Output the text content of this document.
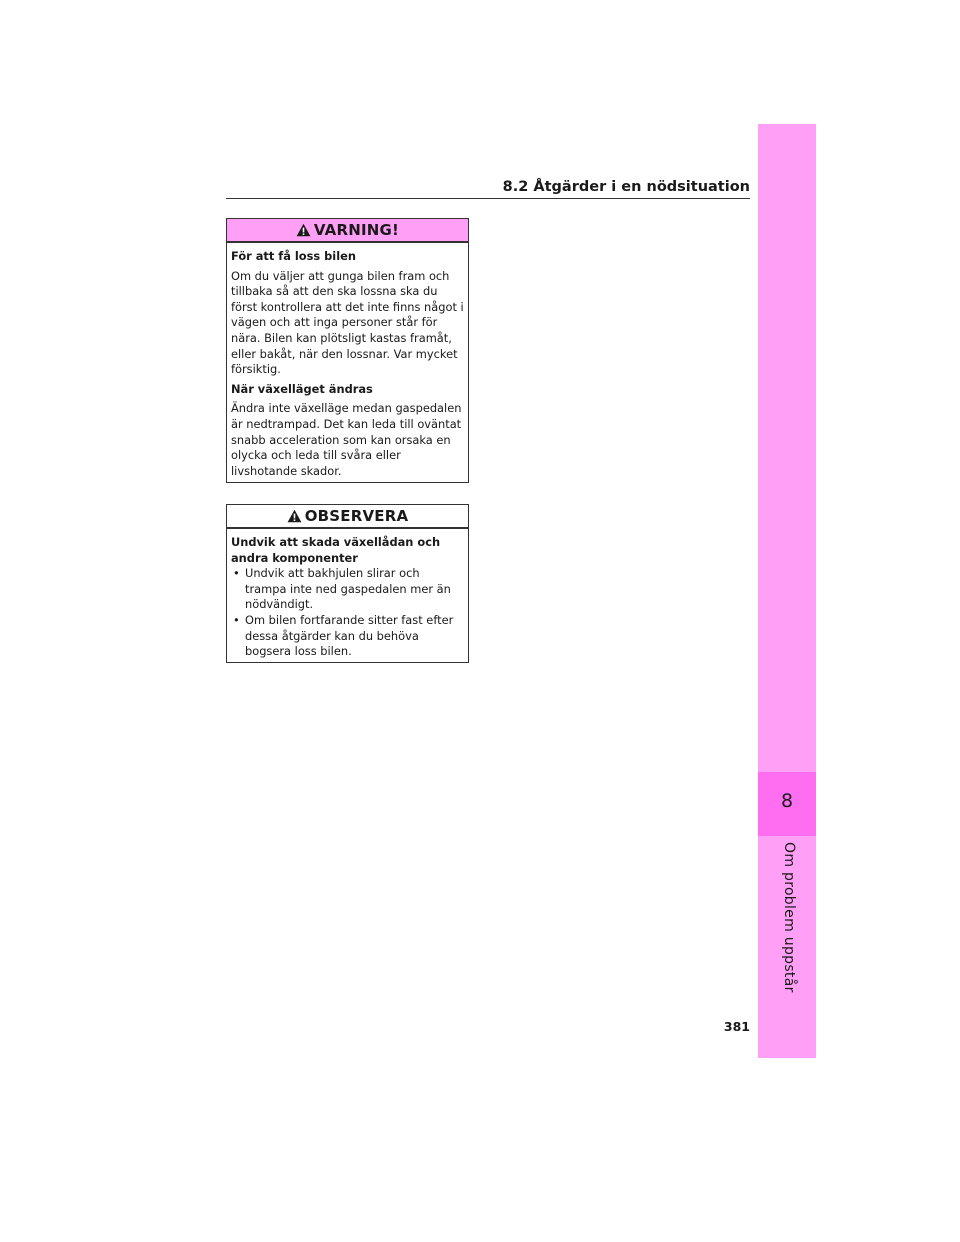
8
Om problem uppstår
8.2 Åtgärder i en nödsituation
VARNING!

För att få loss bilen

Om du väljer att gunga bilen fram och tillbaka så att den ska lossna ska du först kontrollera att det inte finns något i vägen och att inga personer står för nära. Bilen kan plötsligt kastas framåt, eller bakåt, när den lossnar. Var mycket försiktig.

När växelläget ändras

Ändra inte växelläge medan gaspedalen är nedtrampad. Det kan leda till oväntat snabb acceleration som kan orsaka en olycka och leda till svåra eller livshotande skador.

OBSERVERA

Undvik att skada växellådan och andra komponenter

• Undvik att bakhjulen slirar och trampa inte ned gaspedalen mer än nödvändigt.
• Om bilen fortfarande sitter fast efter dessa åtgärder kan du behöva bogsera loss bilen.
381
